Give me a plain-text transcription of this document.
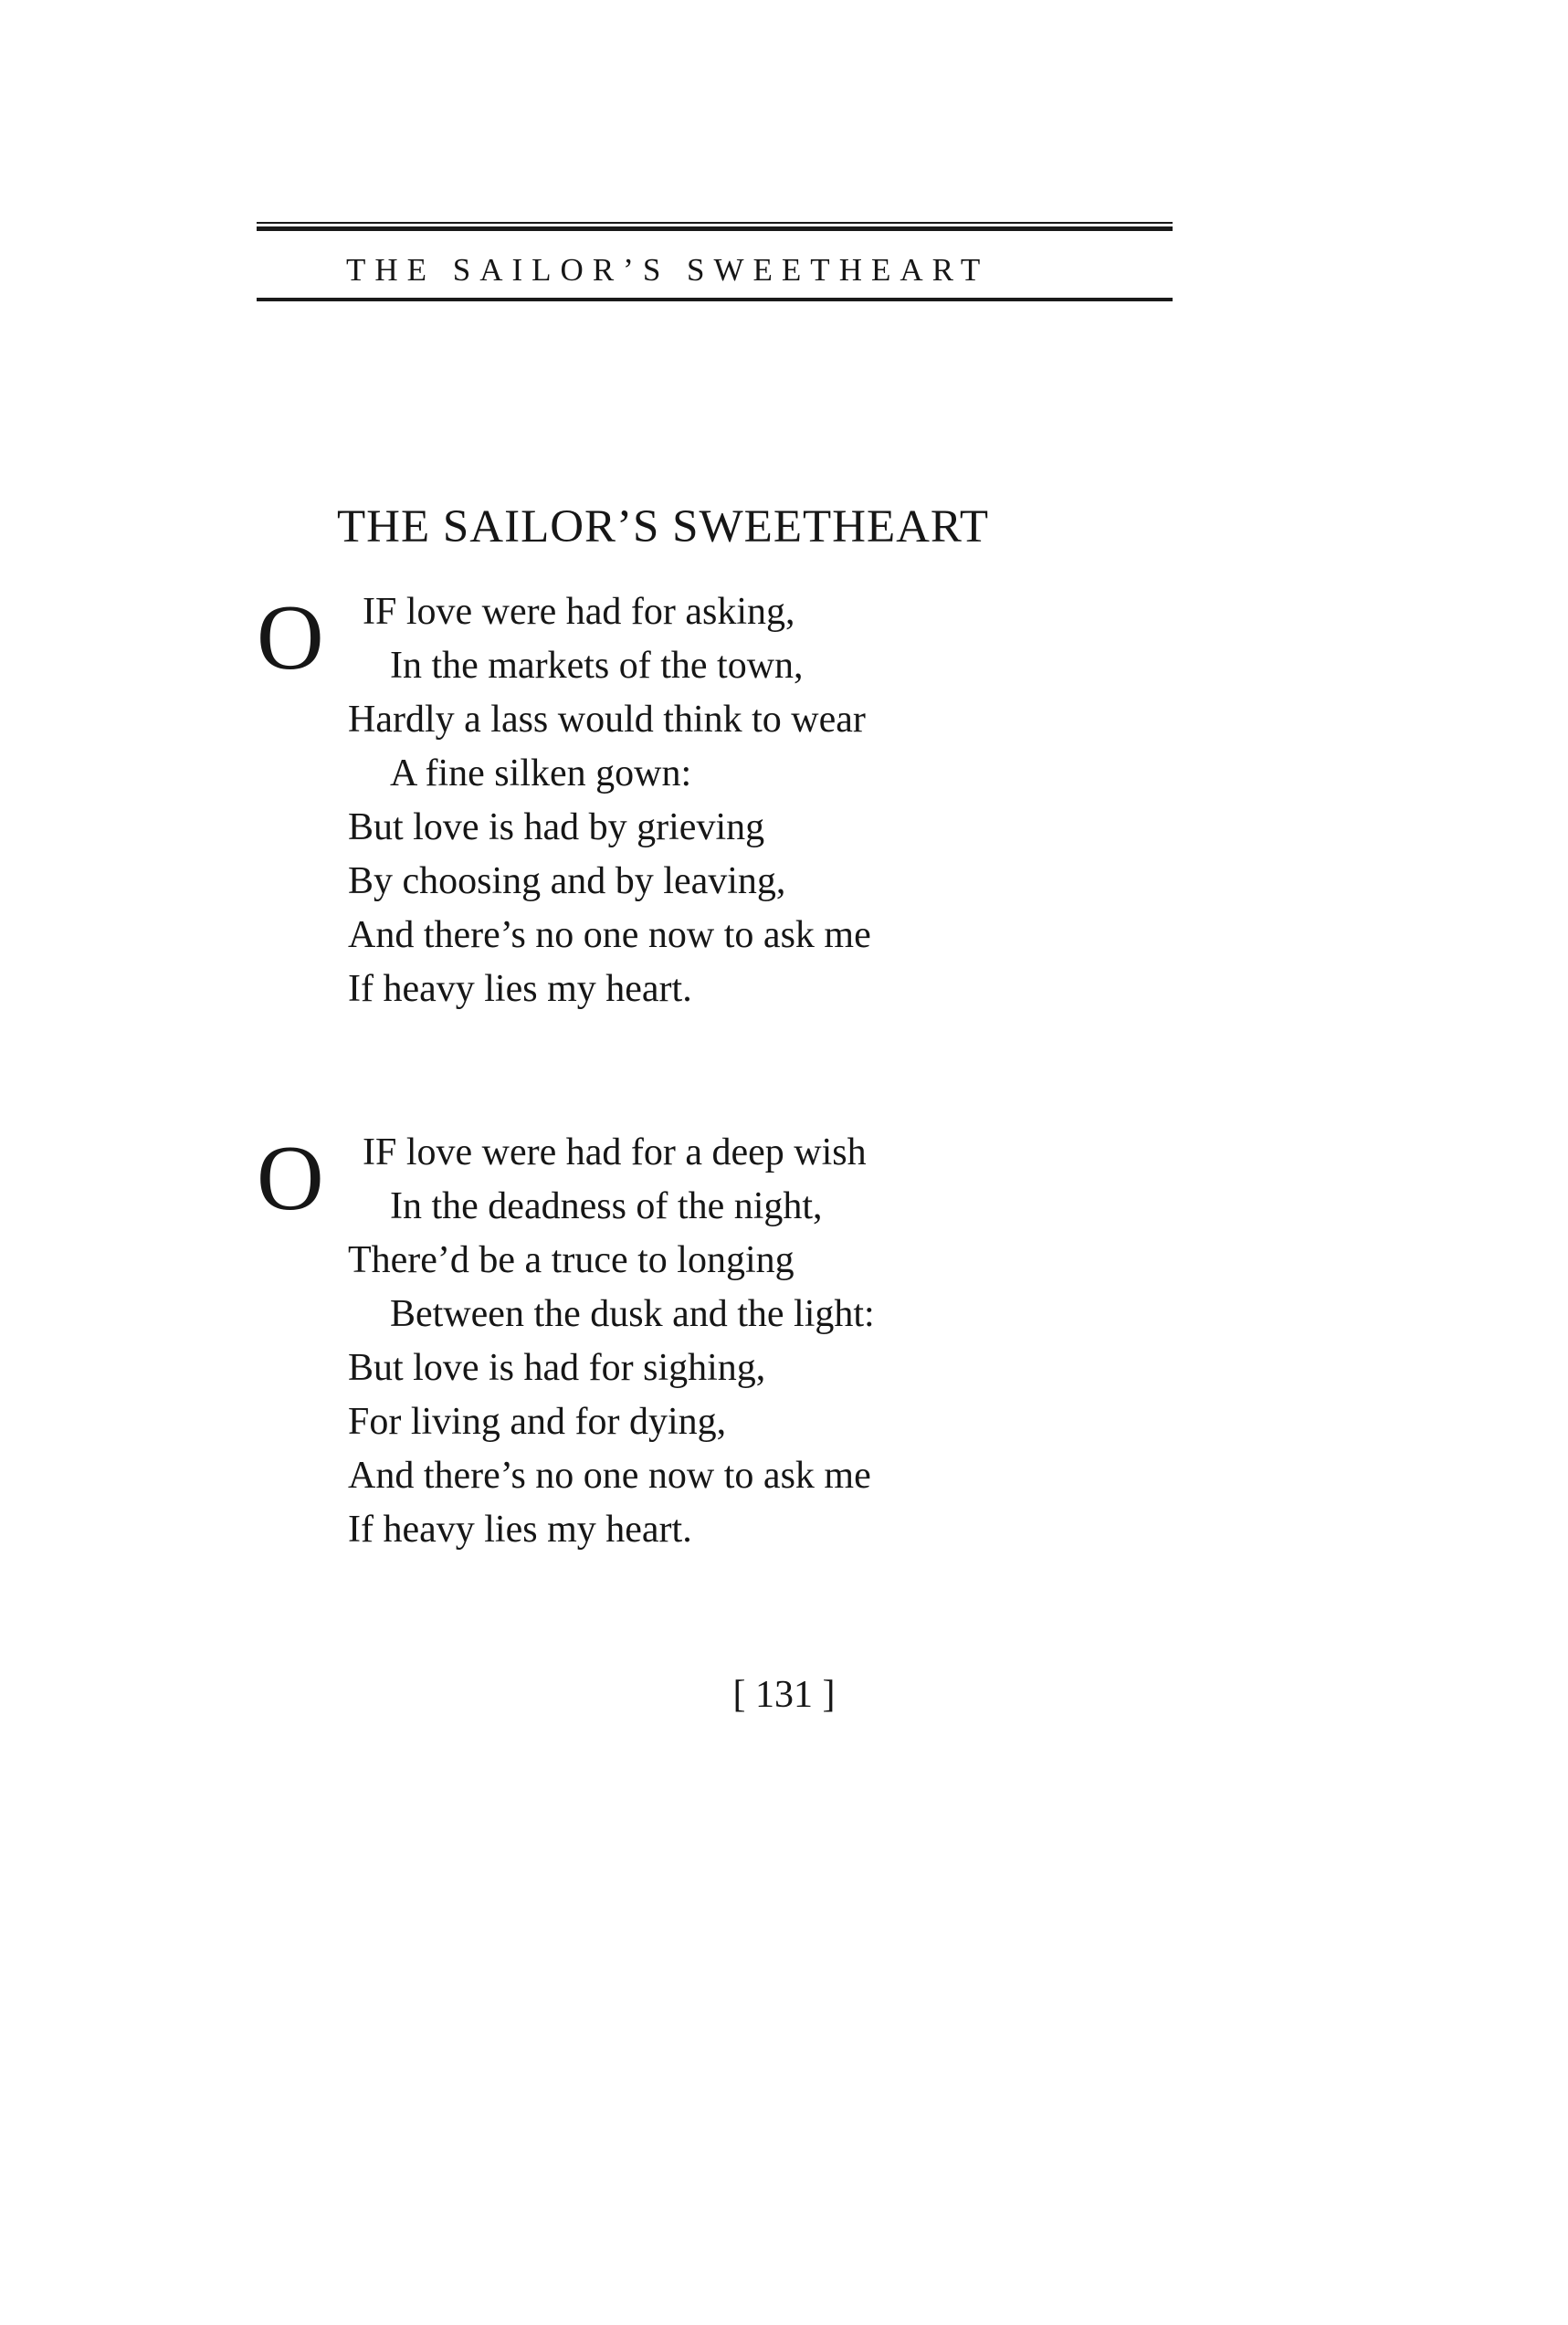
THE SAILOR’S SWEETHEART
THE SAILOR’S SWEETHEART
O	IF love were had for asking,
In the markets of the town,
Hardly a lass would think to wear
A fine silken gown:
But love is had by grieving
By choosing and by leaving,
And there’s no one now to ask me
If heavy lies my heart.
O	IF love were had for a deep wish
In the deadness of the night,
There’d be a truce to longing
Between the dusk and the light:
But love is had for sighing,
For living and for dying,
And there’s no one now to ask me
If heavy lies my heart.
[ 131 ]
